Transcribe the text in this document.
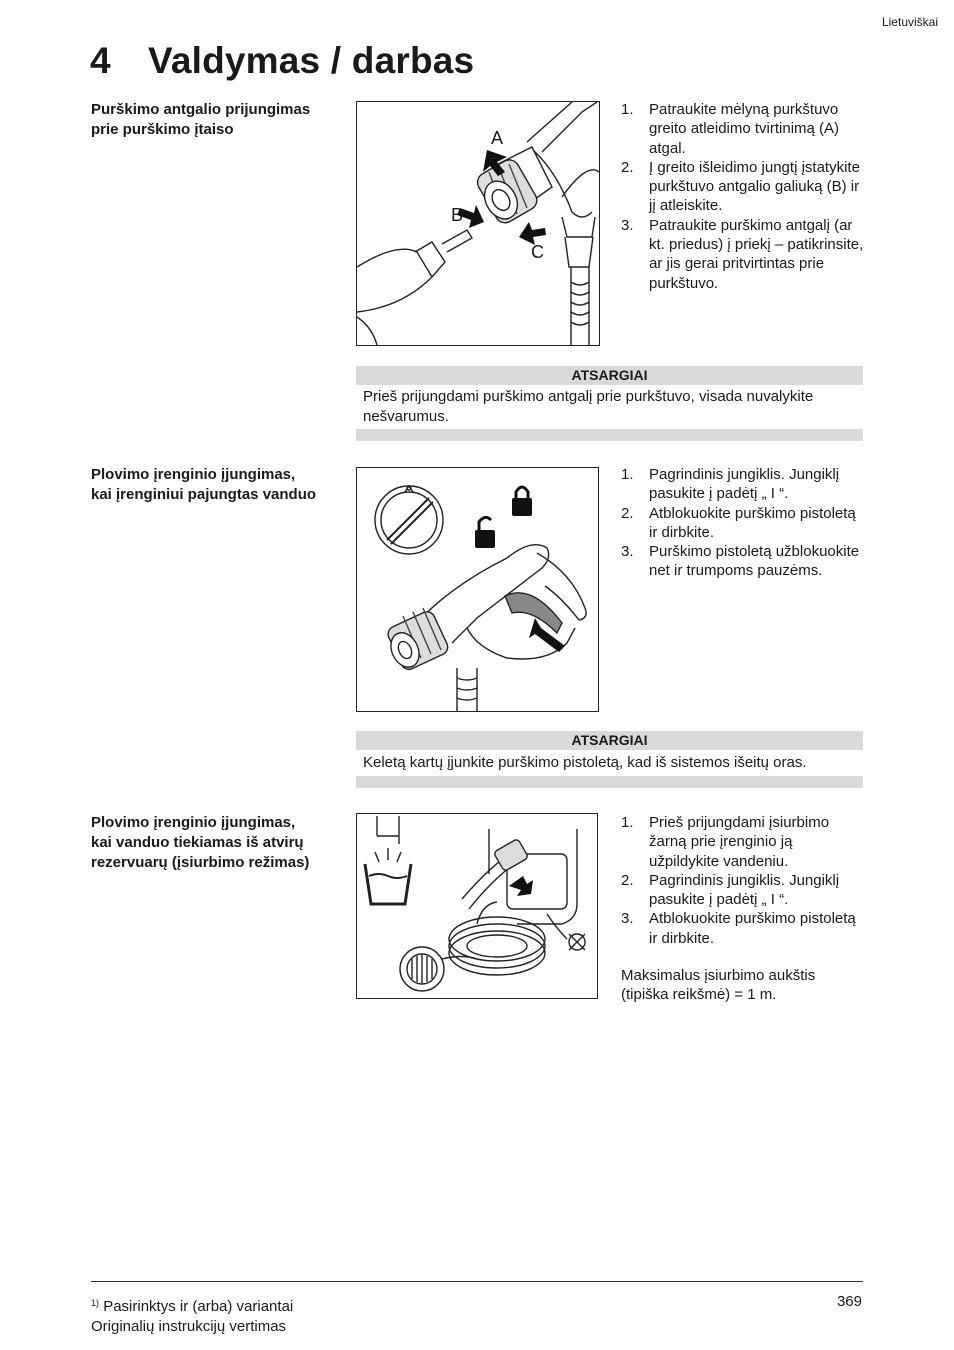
Lietuviškai
4 Valdymas / darbas
Purškimo antgalio prijungimas
prie purškimo įtaiso	A
B
C
1. Patraukite mėlyną purkštuvo greito atleidimo tvirtinimą (A) atgal.
2. Į greito išleidimo jungtį įstatykite purkštuvo antgalio galiuką (B) ir jį atleiskite.
3. Patraukite purškimo antgalį (ar kt. priedus) į priekį – patikrinsite, ar jis gerai pritvirtintas prie purkštuvo.
ATSARGIAI
Prieš prijungdami purškimo antgalį prie purkštuvo, visada nuvalykite nešvarumus.
Plovimo įrenginio įjungimas,
kai įrenginiui pajungtas vanduo
1. Pagrindinis jungiklis. Jungiklį pasukite į padėtį „ I “.
2. Atblokuokite purškimo pistoletą ir dirbkite.
3. Purškimo pistoletą užblokuokite net ir trumpoms pauzėms.
ATSARGIAI
Keletą kartų įjunkite purškimo pistoletą, kad iš sistemos išeitų oras.
Plovimo įrenginio įjungimas,
kai vanduo tiekiamas iš atvirų
rezervuarų (įsiurbimo režimas)
1. Prieš prijungdami įsiurbimo žarną prie įrenginio ją užpildykite vandeniu.
2. Pagrindinis jungiklis. Jungiklį pasukite į padėtį „ I “.
3. Atblokuokite purškimo pistoletą ir dirbkite.
Maksimalus įsiurbimo aukštis (tipiška reikšmė) = 1 m.
$^{1)}$ Pasirinktys ir (arba) variantai
Originalių instrukcijų vertimas
369
